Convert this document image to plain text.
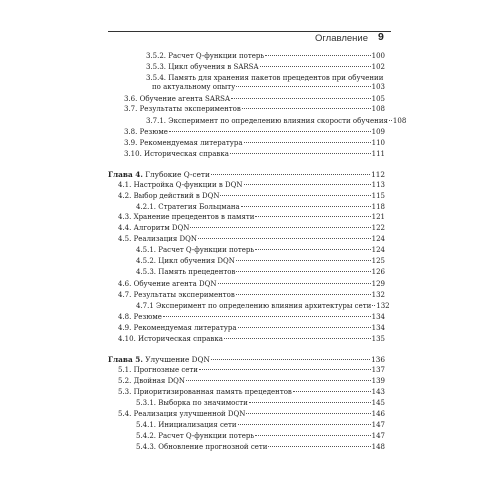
Оглавление 9
3.5.2. Расчет Q-функции потерь	100
3.5.3. Цикл обучения в SARSA	102
3.5.4. Память для хранения пакетов прецедентов при обучении
по актуальному опыту	103
3.6. Обучение агента SARSA	105
3.7. Результаты экспериментов	108
3.7.1. Эксперимент по определению влияния скорости обучения 108
3.8. Резюме	109
3.9. Рекомендуемая литература	110
3.10. Историческая справка	111
Глава 4. Глубокие Q-сети	112
4.1. Настройка Q-функции в DQN	113
4.2. Выбор действий в DQN	115
4.2.1. Стратегия Больцмана	118
4.3. Хранение прецедентов в памяти	121
4.4. Алгоритм DQN	122
4.5. Реализация DQN	124
4.5.1. Расчет Q-функции потерь	124
4.5.2. Цикл обучения DQN	125
4.5.3. Память прецедентов	126
4.6. Обучение агента DQN	129
4.7. Результаты экспериментов	132
4.7.1 Эксперимент по определению влияния архитектуры сети 132
4.8. Резюме	134
4.9. Рекомендуемая литература	134
4.10. Историческая справка	135
Глава 5. Улучшение DQN	136
5.1. Прогнозные сети	137
5.2. Двойная DQN	139
5.3. Приоритизированная память прецедентов	143
5.3.1. Выборка по значимости	145
5.4. Реализация улучшенной DQN	146
5.4.1. Инициализация сети	147
5.4.2. Расчет Q-функции потерь	147
5.4.3. Обновление прогнозной сети	148
